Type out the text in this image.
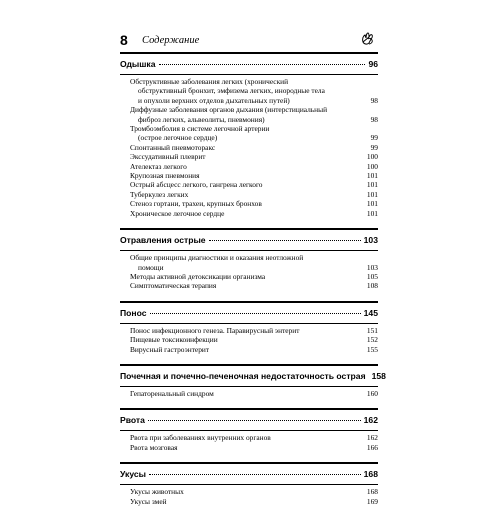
8 Содержание
Одышка	96
Обструктивные заболевания легких (хронический
обструктивный бронхит, эмфизема легких, инородные тела
и опухоли верхних отделов дыхательных путей)	98
Диффузные заболевания органов дыхания (интерстициальный
фиброз легких, альвеолиты, пневмония)	98
Тромбоэмболия в системе легочной артерии
(острое легочное сердце)	99
Спонтанный пневмоторакс	99
Экссудативный плеврит	100
Ателектаз легкого	100
Крупозная пневмония	101
Острый абсцесс легкого, гангрена легкого	101
Туберкулез легких	101
Стеноз гортани, трахеи, крупных бронхов	101
Хроническое легочное сердце	101
Отравления острые	103
Общие принципы диагностики и оказания неотложной
помощи	103
Методы активной детоксикации организма	105
Симптоматическая терапия	108
Понос	145
Понос инфекционного генеза. Паравирусный энтерит	151
Пищевые токсикоинфекции	152
Вирусный гастроэнтерит	155
Почечная и почечно-печеночная недостаточность острая 158
Гепаторенальный синдром	160
Рвота	162
Рвота при заболеваниях внутренних органов	162
Рвота мозговая	166
Укусы	168
Укусы животных	168
Укусы змей	169
